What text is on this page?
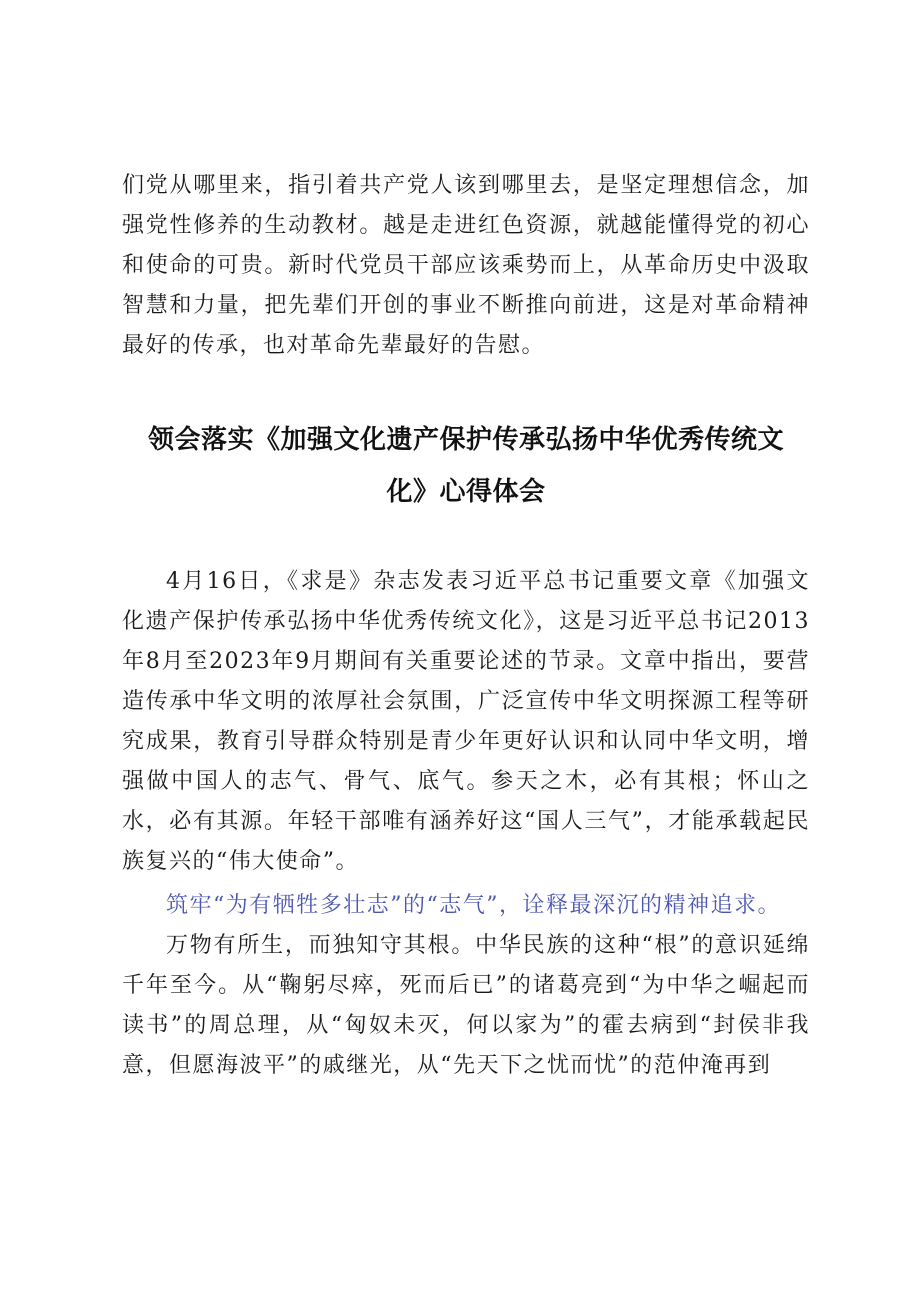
们党从哪里来，指引着共产党人该到哪里去，是坚定理想信念，加强党性修养的生动教材。越是走进红色资源，就越能懂得党的初心和使命的可贵。新时代党员干部应该乘势而上，从革命历史中汲取智慧和力量，把先辈们开创的事业不断推向前进，这是对革命精神最好的传承，也对革命先辈最好的告慰。

领会落实《加强文化遗产保护传承弘扬中华优秀传统文
化》心得体会

4月16日，《求是》杂志发表习近平总书记重要文章《加强文化遗产保护传承弘扬中华优秀传统文化》，这是习近平总书记2013年8月至2023年9月期间有关重要论述的节录。文章中指出，要营造传承中华文明的浓厚社会氛围，广泛宣传中华文明探源工程等研究成果，教育引导群众特别是青少年更好认识和认同中华文明，增强做中国人的志气、骨气、底气。参天之木，必有其根；怀山之水，必有其源。年轻干部唯有涵养好这“国人三气”，才能承载起民族复兴的“伟大使命”。

筑牢“为有牺牲多壮志”的“志气”，诠释最深沉的精神追求。

万物有所生，而独知守其根。中华民族的这种“根”的意识延绵千年至今。从“鞠躬尽瘁，死而后已”的诸葛亮到“为中华之崛起而读书”的周总理，从“匈奴未灭，何以家为”的霍去病到“封侯非我意，但愿海波平”的戚继光，从“先天下之忧而忧”的范仲淹再到
